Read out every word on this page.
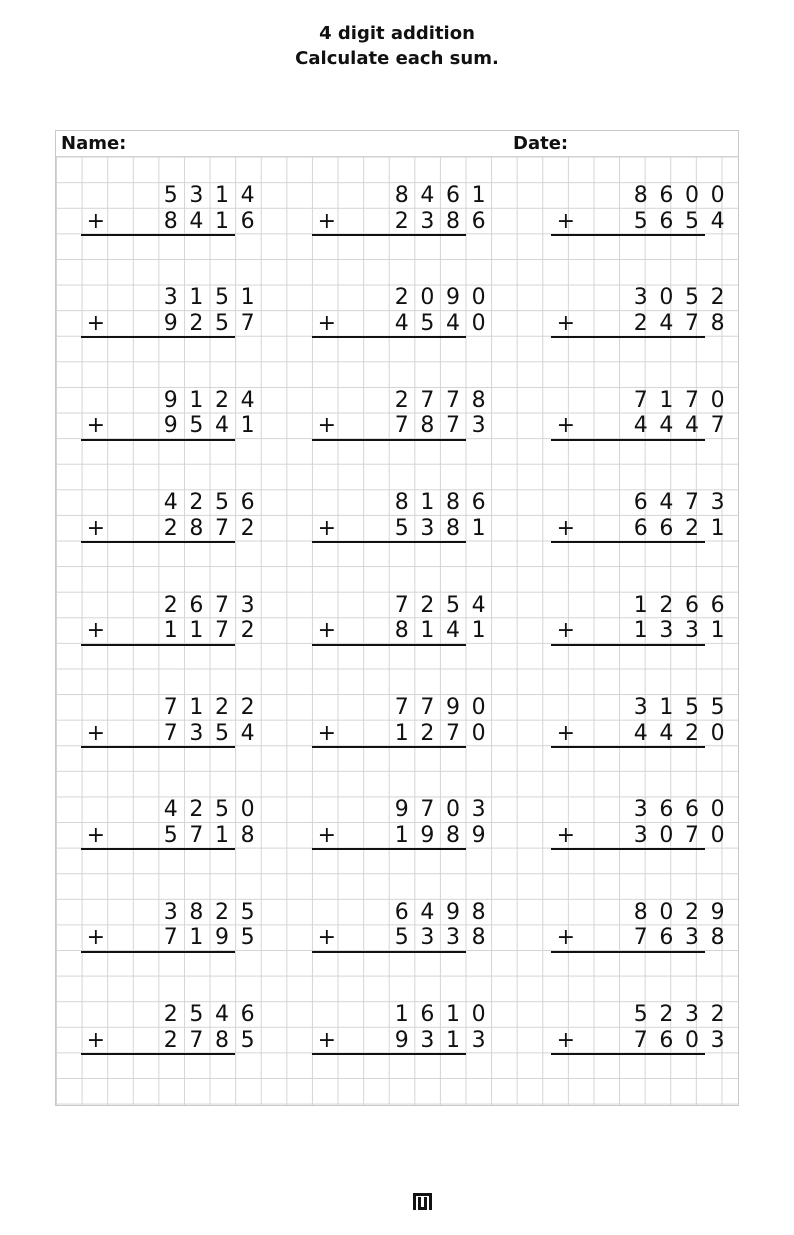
4 digit addition
Calculate each sum.
Name:	Date:
5 3 1 4
+	8 4 1 6
8 4 6 1
+	2 3 8 6
8 6 0 0
+	5 6 5 4
3 1 5 1
+	9 2 5 7
2 0 9 0
+	4 5 4 0
3 0 5 2
+	2 4 7 8
9 1 2 4
+	9 5 4 1
2 7 7 8
+	7 8 7 3
7 1 7 0
+	4 4 4 7
4 2 5 6
+	2 8 7 2
8 1 8 6
+	5 3 8 1
6 4 7 3
+	6 6 2 1
2 6 7 3
+	1 1 7 2
7 2 5 4
+	8 1 4 1
1 2 6 6
+	1 3 3 1
7 1 2 2
+	7 3 5 4
7 7 9 0
+	1 2 7 0
3 1 5 5
+	4 4 2 0
4 2 5 0
+	5 7 1 8
9 7 0 3
+	1 9 8 9
3 6 6 0
+	3 0 7 0
3 8 2 5
+	7 1 9 5
6 4 9 8
+	5 3 3 8
8 0 2 9
+	7 6 3 8
2 5 4 6
+	2 7 8 5
1 6 1 0
+	9 3 1 3
5 2 3 2
+	7 6 0 3
